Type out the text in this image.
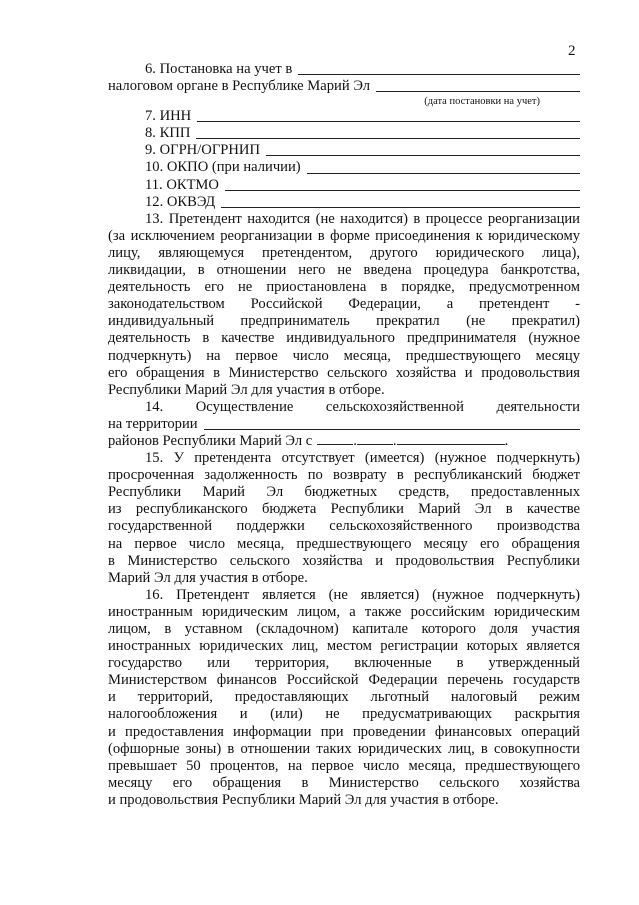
2
6. Постановка на учет в
налоговом органе в Республике Марий Эл
(дата постановки на учет)
7. ИНН
8. КПП
9. ОГРН/ОГРНИП
10. ОКПО (при наличии)
11. ОКТМО
12. ОКВЭД
13. Претендент находится (не находится) в процессе реорганизации
(за исключением реорганизации в форме присоединения к юридическому
лицу, являющемуся претендентом, другого юридического лица),
ликвидации, в отношении него не введена процедура банкротства,
деятельность его не приостановлена в порядке, предусмотренном
законодательством Российской Федерации, а претендент -
индивидуальный предприниматель прекратил (не прекратил)
деятельность в качестве индивидуального предпринимателя (нужное
подчеркнуть) на первое число месяца, предшествующего месяцу
его обращения в Министерство сельского хозяйства и продовольствия
Республики Марий Эл для участия в отборе.
14. Осуществление сельскохозяйственной деятельности
на территории
районов Республики Марий Эл с	. .	.
15. У претендента отсутствует (имеется) (нужное подчеркнуть)
просроченная задолженность по возврату в республиканский бюджет
Республики Марий Эл бюджетных средств, предоставленных
из республиканского бюджета Республики Марий Эл в качестве
государственной поддержки сельскохозяйственного производства
на первое число месяца, предшествующего месяцу его обращения
в Министерство сельского хозяйства и продовольствия Республики
Марий Эл для участия в отборе.
16. Претендент является (не является) (нужное подчеркнуть)
иностранным юридическим лицом, а также российским юридическим
лицом, в уставном (складочном) капитале которого доля участия
иностранных юридических лиц, местом регистрации которых является
государство или территория, включенные в утвержденный
Министерством финансов Российской Федерации перечень государств
и территорий, предоставляющих льготный налоговый режим
налогообложения и (или) не предусматривающих раскрытия
и предоставления информации при проведении финансовых операций
(офшорные зоны) в отношении таких юридических лиц, в совокупности
превышает 50 процентов, на первое число месяца, предшествующего
месяцу его обращения в Министерство сельского хозяйства
и продовольствия Республики Марий Эл для участия в отборе.
